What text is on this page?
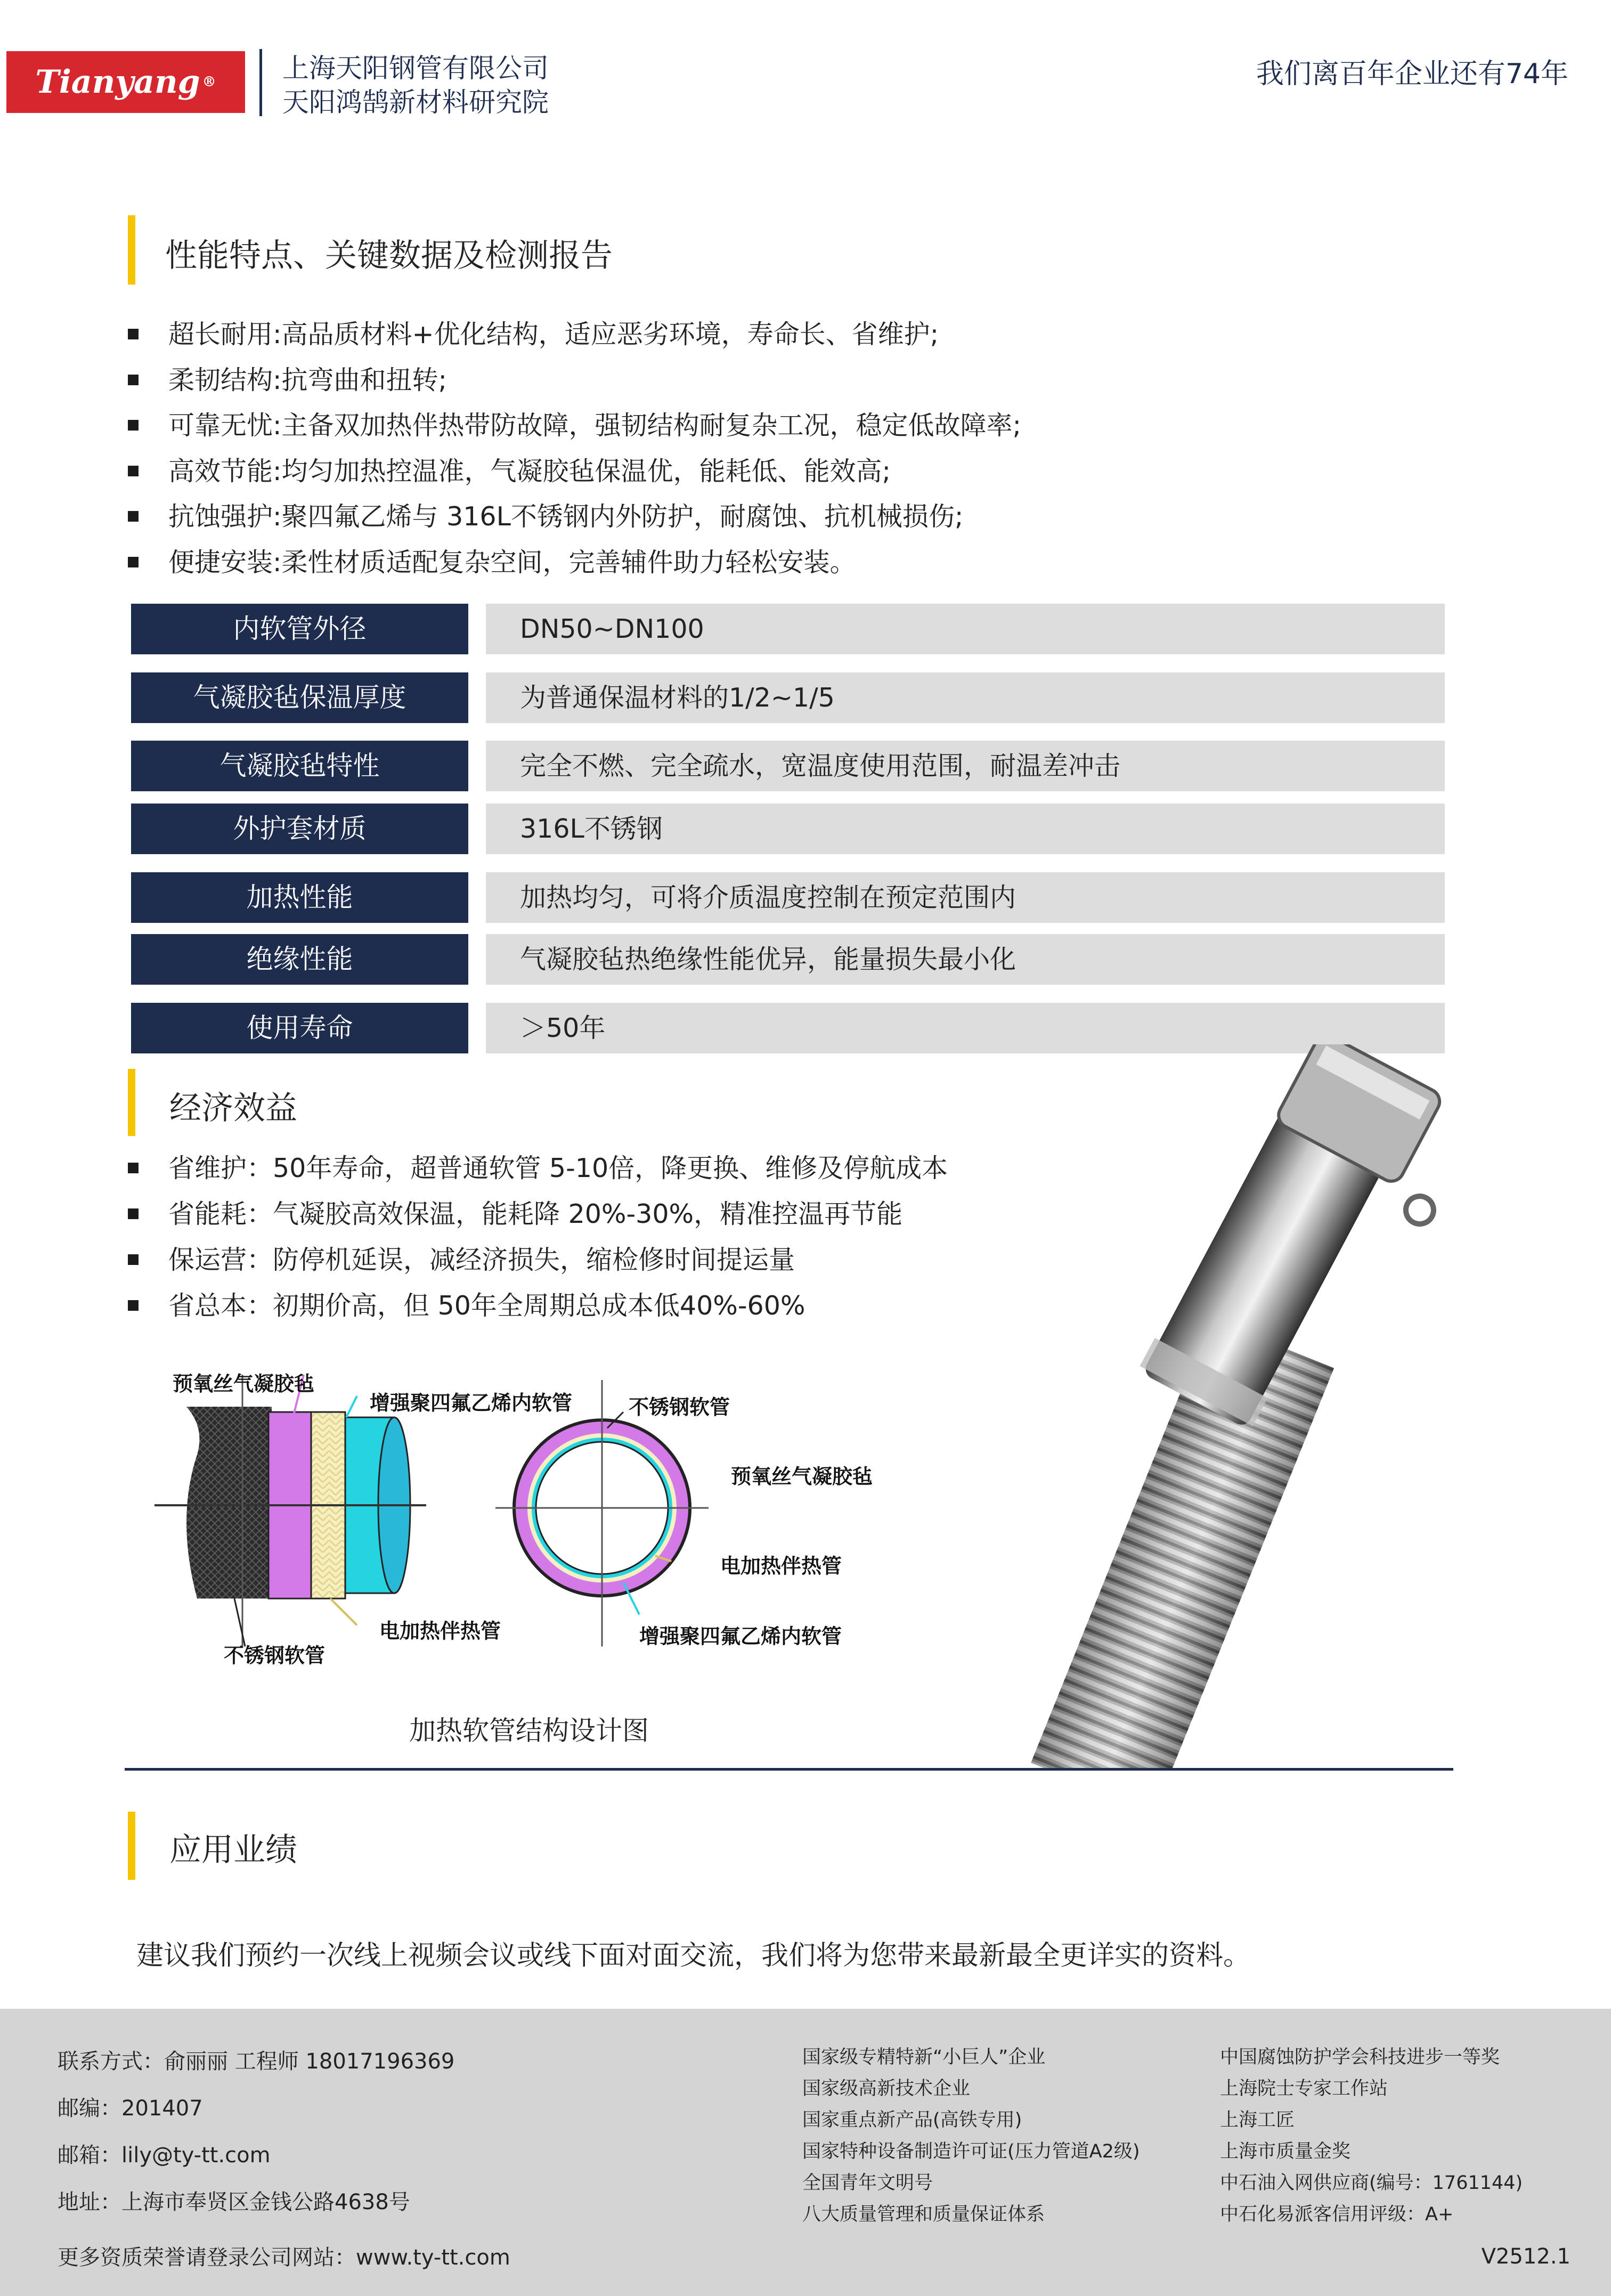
Tianyang ®	上海天阳钢管有限公司
天阳鸿鹄新材料研究院
我们离百年企业还有74年
性能特点、关键数据及检测报告
超长耐用:高品质材料+优化结构，适应恶劣环境，寿命长、省维护;
柔韧结构:抗弯曲和扭转;
可靠无忧:主备双加热伴热带防故障，强韧结构耐复杂工况，稳定低故障率;
高效节能:均匀加热控温准，气凝胶毡保温优，能耗低、能效高;
抗蚀强护:聚四氟乙烯与 316L不锈钢内外防护，耐腐蚀、抗机械损伤;
便捷安装:柔性材质适配复杂空间，完善辅件助力轻松安装。
内软管外径	DN50~DN100
气凝胶毡保温厚度	为普通保温材料的1/2~1/5
气凝胶毡特性	完全不燃、完全疏水，宽温度使用范围，耐温差冲击
外护套材质	316L不锈钢
加热性能	加热均匀，可将介质温度控制在预定范围内
绝缘性能	气凝胶毡热绝缘性能优异，能量损失最小化
使用寿命	＞50年
经济效益
省维护：50年寿命，超普通软管 5-10倍，降更换、维修及停航成本
省能耗：气凝胶高效保温，能耗降 20%-30%，精准控温再节能
保运营：防停机延误，减经济损失，缩检修时间提运量
省总本：初期价高，但 50年全周期总成本低40%-60%
预氧丝气凝胶毡
增强聚四氟乙烯内软管
不锈钢软管
电加热伴热管
不锈钢软管
预氧丝气凝胶毡
电加热伴热管
增强聚四氟乙烯内软管
加热软管结构设计图
应用业绩
建议我们预约一次线上视频会议或线下面对面交流，我们将为您带来最新最全更详实的资料。
联系方式：俞丽丽 工程师 18017196369
邮编：201407
邮箱：lily@ty-tt.com
地址：上海市奉贤区金钱公路4638号
国家级专精特新“小巨人”企业
国家级高新技术企业
国家重点新产品(高铁专用)
国家特种设备制造许可证(压力管道A2级)
全国青年文明号
八大质量管理和质量保证体系
中国腐蚀防护学会科技进步一等奖
上海院士专家工作站
上海工匠
上海市质量金奖
中石油入网供应商(编号：1761144)
中石化易派客信用评级：A+
更多资质荣誉请登录公司网站：www.ty-tt.com	V2512.1
